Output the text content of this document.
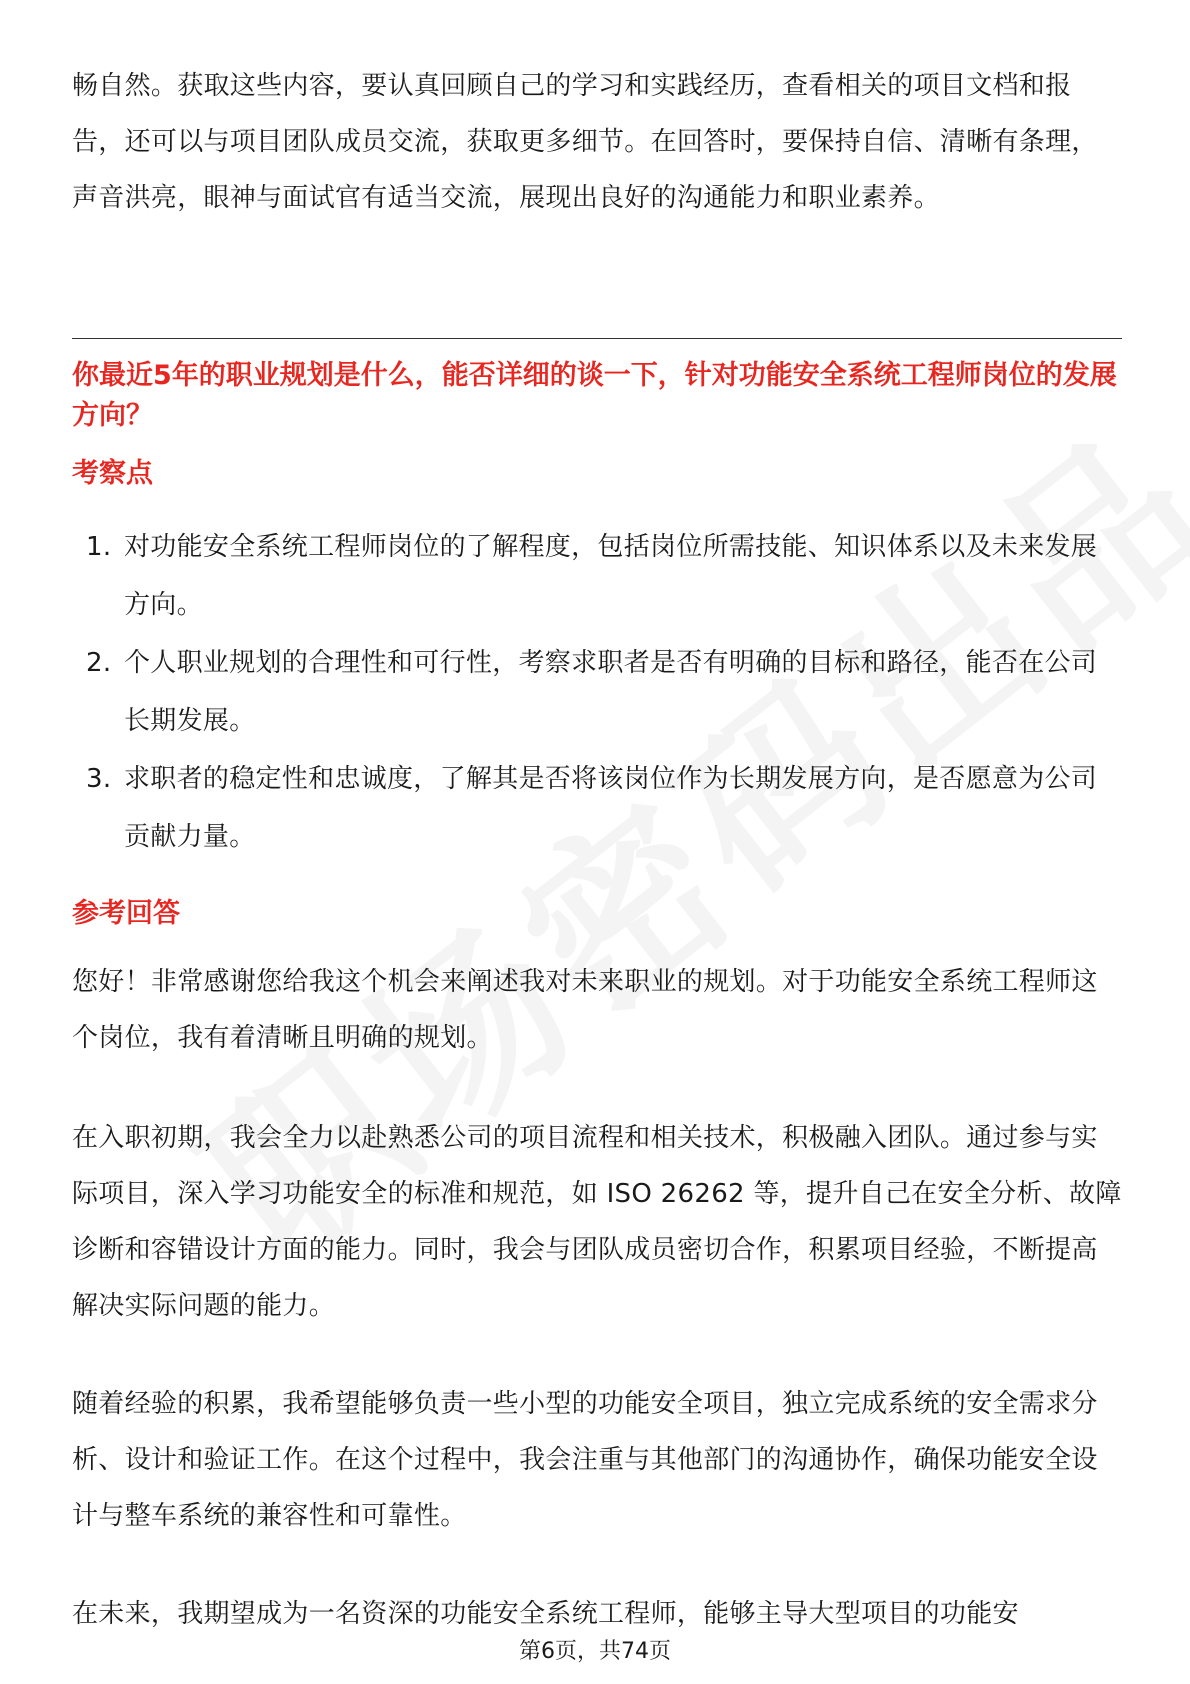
畅自然。获取这些内容，要认真回顾自己的学习和实践经历，查看相关的项目文档和报告，还可以与项目团队成员交流，获取更多细节。在回答时，要保持自信、清晰有条理，声音洪亮，眼神与面试官有适当交流，展现出良好的沟通能力和职业素养。

你最近5年的职业规划是什么，能否详细的谈一下，针对功能安全系统工程师岗位的发展方向？

考察点

1. 对功能安全系统工程师岗位的了解程度，包括岗位所需技能、知识体系以及未来发展方向。
2. 个人职业规划的合理性和可行性，考察求职者是否有明确的目标和路径，能否在公司长期发展。
3. 求职者的稳定性和忠诚度，了解其是否将该岗位作为长期发展方向，是否愿意为公司贡献力量。

参考回答

您好！非常感谢您给我这个机会来阐述我对未来职业的规划。对于功能安全系统工程师这个岗位，我有着清晰且明确的规划。

在入职初期，我会全力以赴熟悉公司的项目流程和相关技术，积极融入团队。通过参与实际项目，深入学习功能安全的标准和规范，如 ISO 26262 等，提升自己在安全分析、故障诊断和容错设计方面的能力。同时，我会与团队成员密切合作，积累项目经验，不断提高解决实际问题的能力。

随着经验的积累，我希望能够负责一些小型的功能安全项目，独立完成系统的安全需求分析、设计和验证工作。在这个过程中，我会注重与其他部门的沟通协作，确保功能安全设计与整车系统的兼容性和可靠性。

在未来，我期望成为一名资深的功能安全系统工程师，能够主导大型项目的功能安

第6页，共74页
